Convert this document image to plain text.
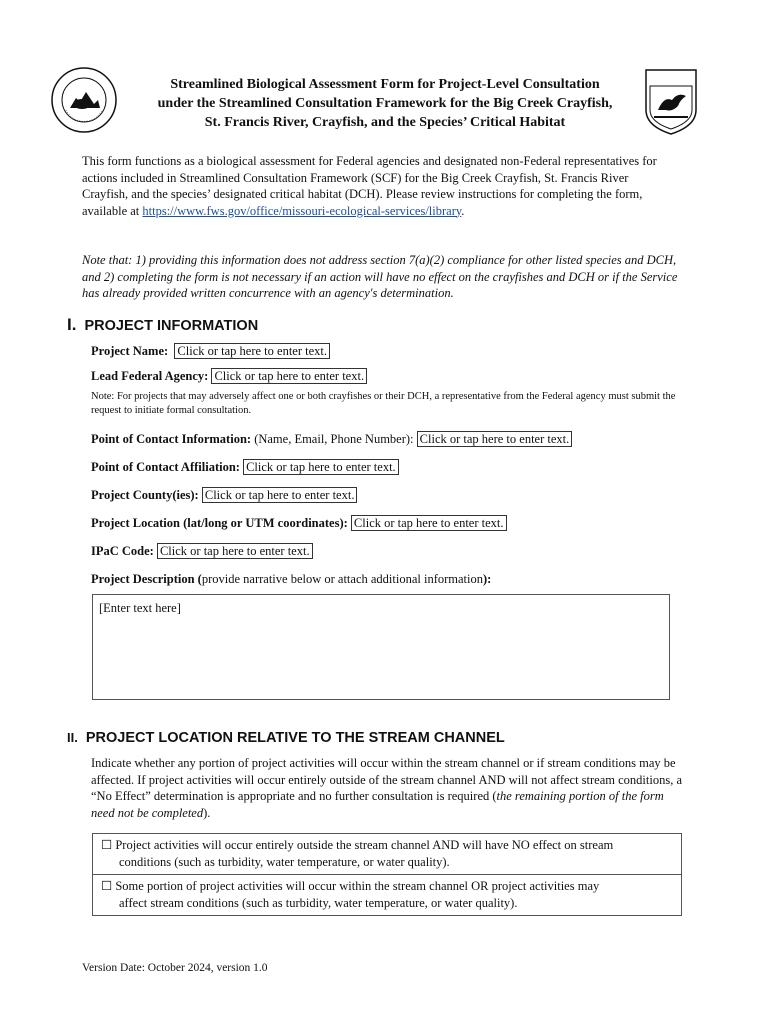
Streamlined Biological Assessment Form for Project-Level Consultation
under the Streamlined Consultation Framework for the Big Creek Crayfish,
St. Francis River, Crayfish, and the Species’ Critical Habitat
This form functions as a biological assessment for Federal agencies and designated non-Federal representatives for actions included in Streamlined Consultation Framework (SCF) for the Big Creek Crayfish, St. Francis River Crayfish, and the species’ designated critical habitat (DCH). Please review instructions for completing the form, available at https://www.fws.gov/office/missouri-ecological-services/library.
Note that: 1) providing this information does not address section 7(a)(2) compliance for other listed species and DCH, and 2) completing the form is not necessary if an action will have no effect on the crayfishes and DCH or if the Service has already provided written concurrence with an agency's determination.
I. PROJECT INFORMATION
Project Name: Click or tap here to enter text.
Lead Federal Agency: Click or tap here to enter text.
Note: For projects that may adversely affect one or both crayfishes or their DCH, a representative from the Federal agency must submit the request to initiate formal consultation.
Point of Contact Information: (Name, Email, Phone Number): Click or tap here to enter text.
Point of Contact Affiliation: Click or tap here to enter text.
Project County(ies): Click or tap here to enter text.
Project Location (lat/long or UTM coordinates): Click or tap here to enter text.
IPaC Code: Click or tap here to enter text.
Project Description (provide narrative below or attach additional information):
[Enter text here]
II. PROJECT LOCATION RELATIVE TO THE STREAM CHANNEL
Indicate whether any portion of project activities will occur within the stream channel or if stream conditions may be affected. If project activities will occur entirely outside of the stream channel AND will not affect stream conditions, a “No Effect” determination is appropriate and no further consultation is required (the remaining portion of the form need not be completed).
☐ Project activities will occur entirely outside the stream channel AND will have NO effect on stream
conditions (such as turbidity, water temperature, or water quality).
☐ Some portion of project activities will occur within the stream channel OR project activities may
affect stream conditions (such as turbidity, water temperature, or water quality).
Version Date: October 2024, version 1.0
